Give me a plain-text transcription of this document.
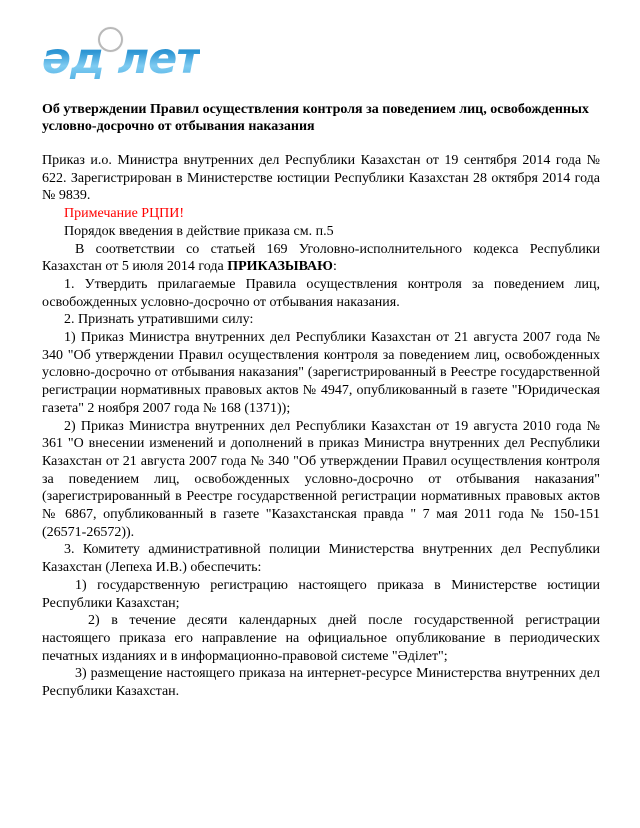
әді
лет
Об утверждении Правил осуществления контроля за поведением лиц, освобожденных условно-досрочно от отбывания наказания

Приказ и.о. Министра внутренних дел Республики Казахстан от 19 сентября 2014 года № 622. Зарегистрирован в Министерстве юстиции Республики Казахстан 28 октября 2014 года № 9839.

Примечание РЦПИ!

Порядок введения в действие приказа см. п.5

В соответствии со статьей 169 Уголовно-исполнительного кодекса Республики Казахстан от 5 июля 2014 года ПРИКАЗЫВАЮ:

1. Утвердить прилагаемые Правила осуществления контроля за поведением лиц, освобожденных условно-досрочно от отбывания наказания.

2. Признать утратившими силу:

1) Приказ Министра внутренних дел Республики Казахстан от 21 августа 2007 года № 340 "Об утверждении Правил осуществления контроля за поведением лиц, освобожденных условно-досрочно от отбывания наказания" (зарегистрированный в Реестре государственной регистрации нормативных правовых актов № 4947, опубликованный в газете "Юридическая газета" 2 ноября 2007 года № 168 (1371));

2) Приказ Министра внутренних дел Республики Казахстан от 19 августа 2010 года № 361 "О внесении изменений и дополнений в приказ Министра внутренних дел Республики Казахстан от 21 августа 2007 года № 340 "Об утверждении Правил осуществления контроля за поведением лиц, освобожденных условно-досрочно от отбывания наказания" (зарегистрированный в Реестре государственной регистрации нормативных правовых актов № 6867, опубликованный в газете "Казахстанская правда " 7 мая 2011 года № 150-151 (26571-26572)).

3. Комитету административной полиции Министерства внутренних дел Республики Казахстан (Лепеха И.В.) обеспечить:

1) государственную регистрацию настоящего приказа в Министерстве юстиции Республики Казахстан;

2) в течение десяти календарных дней после государственной регистрации настоящего приказа его направление на официальное опубликование в периодических печатных изданиях и в информационно-правовой системе "Әділет";

3) размещение настоящего приказа на интернет-ресурсе Министерства внутренних дел Республики Казахстан.
